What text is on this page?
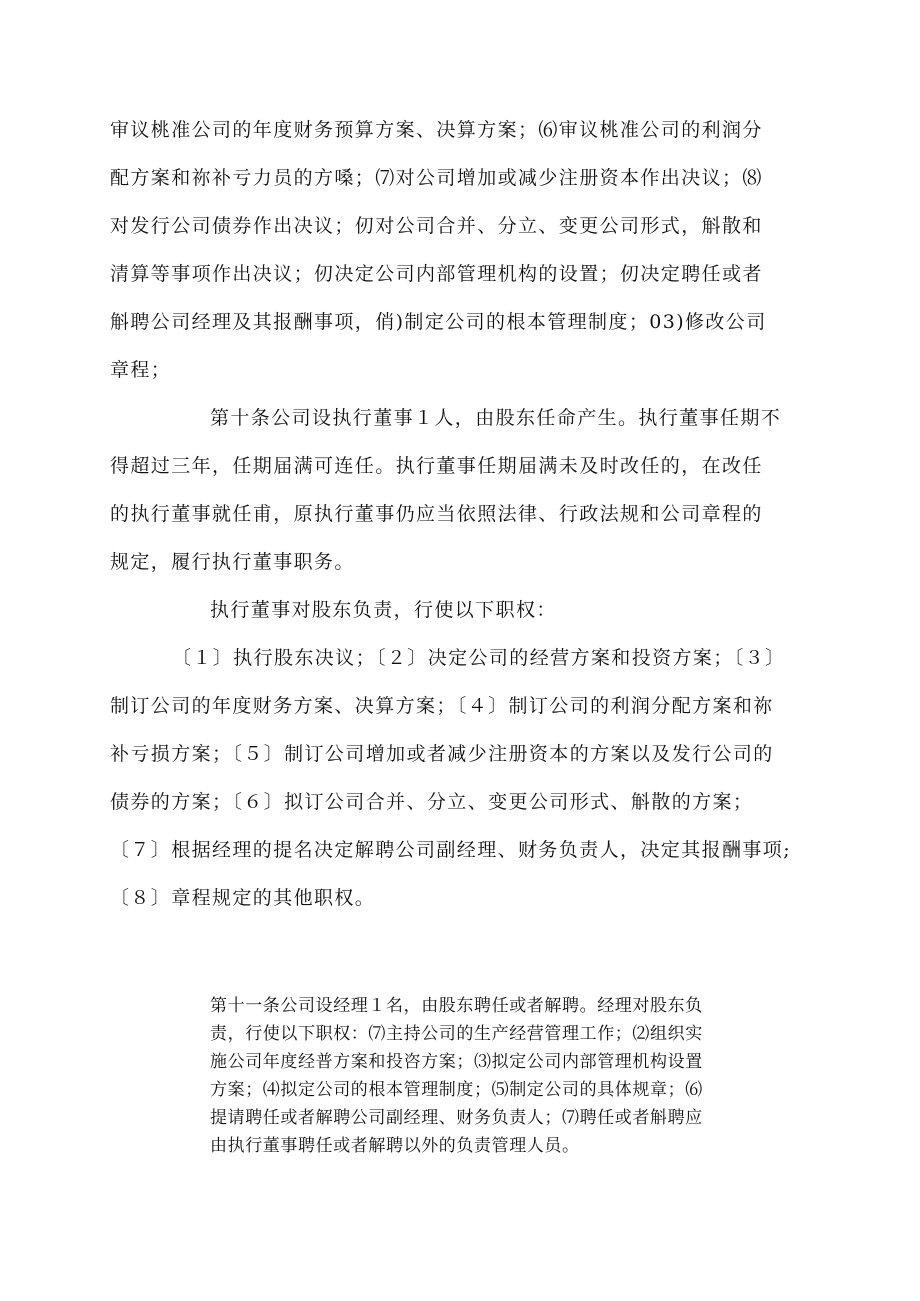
审议桃准公司的年度财务预算方案、决算方案；⑹审议桃准公司的利润分
配方案和祢补亏力员的方嗓；⑺对公司增加或减少注册资本作出决议；⑻
对发行公司债券作出决议；仞对公司合并、分立、变更公司形式，斛散和
清算等事项作出决议；仞决定公司内部管理机构的设置；仞决定聘任或者
斛聘公司经理及其报酬事项，俏)制定公司的根本管理制度；03)修改公司
章程；
第十条公司设执行董事１人，由股东任命产生。执行董事任期不
得超过三年，任期届满可连任。执行董事任期届满未及时改任的，在改任
的执行董事就任甫，原执行董事仍应当依照法律、行政法规和公司章程的
规定，履行执行董事职务。
执行董事对股东负责，行使以下职权：
〔１〕执行股东决议；〔２〕决定公司的经营方案和投资方案；〔３〕
制订公司的年度财务方案、决算方案；〔４〕制订公司的利润分配方案和祢
补亏损方案；〔５〕制订公司增加或者减少注册资本的方案以及发行公司的
债券的方案；〔６〕拟订公司合并、分立、变更公司形式、斛散的方案；
〔７〕根据经理的提名决定解聘公司副经理、财务负责人，决定其报酬事项;
〔８〕章程规定的其他职权。
第十一条公司设经理１名，由股东聘任或者解聘。经理对股东负
责，行使以下职权：⑺主持公司的生产经营管理工作；⑵组织实
施公司年度经普方案和投咨方案；⑶拟定公司内部管理机构设置
方案；⑷拟定公司的根本管理制度；⑸制定公司的具体规章；⑹
提请聘任或者解聘公司副经理、财务负责人；⑺聘任或者斛聘应
由执行董事聘任或者解聘以外的负责管理人员。
